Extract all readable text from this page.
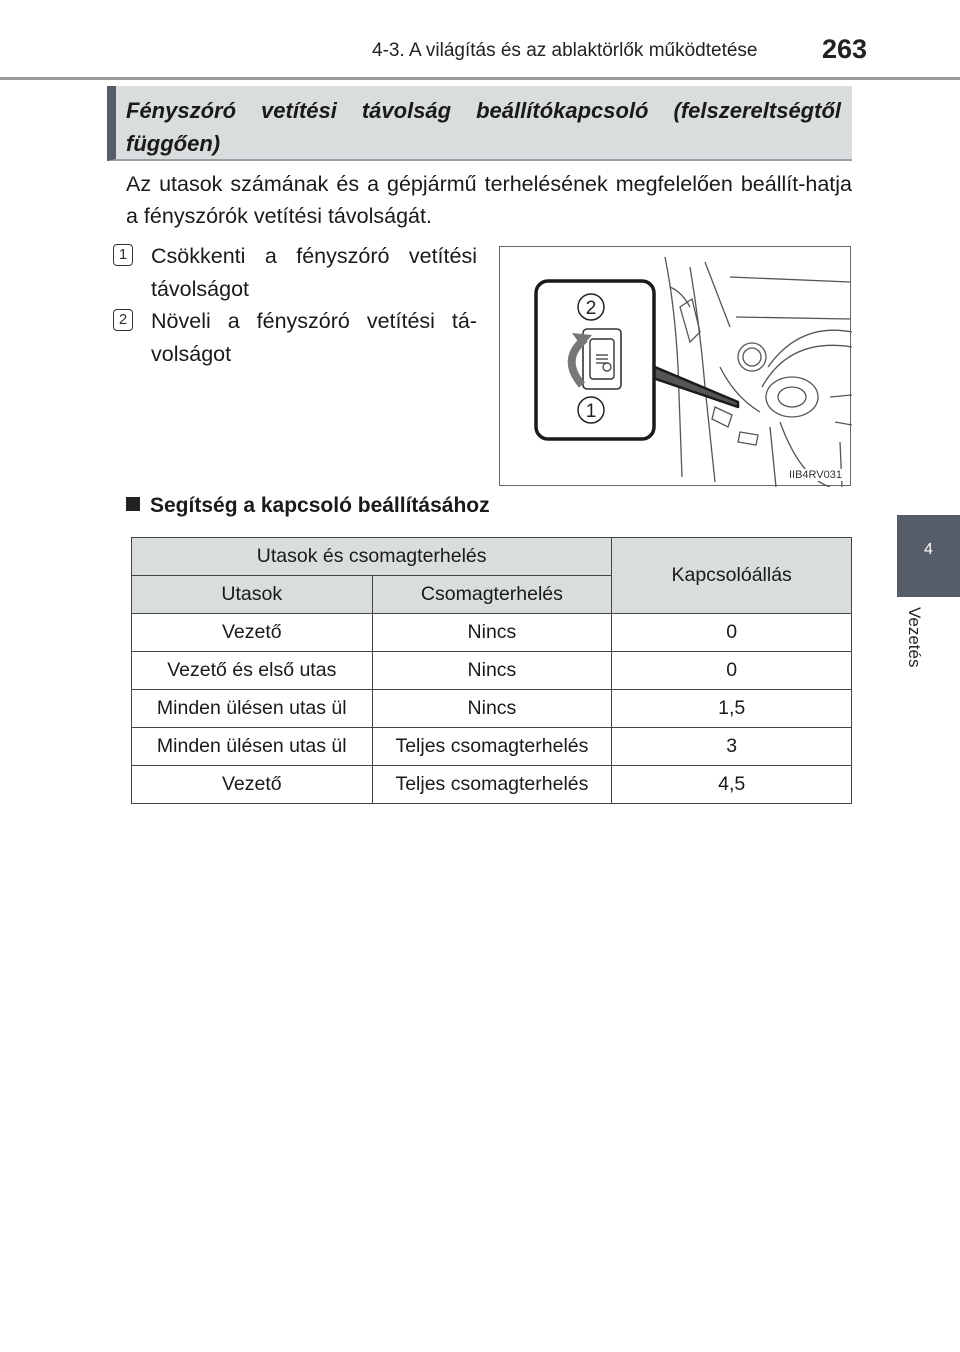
4-3. A világítás és az ablaktörlők működtetése 263
Fényszóró vetítési távolság beállítókapcsoló (felszereltségtől függően)
Az utasok számának és a gépjármű terhelésének megfelelően beállít-hatja a fényszórók vetítési távolságát.
1 Csökkenti a fényszóró vetítési távolságot
2 Növeli a fényszóró vetítési tá-volságot
2
1
IIB4RV031
Segítség a kapcsoló beállításához
Utasok és csomagterhelés		Kapcsolóállás
Utasok	Csomagterhelés	
Vezető	Nincs	0
Vezető és első utas	Nincs	0
Minden ülésen utas ül	Nincs	1,5
Minden ülésen utas ül	Teljes csomagterhelés	3
Vezető	Teljes csomagterhelés	4,5
4
Vezetés
